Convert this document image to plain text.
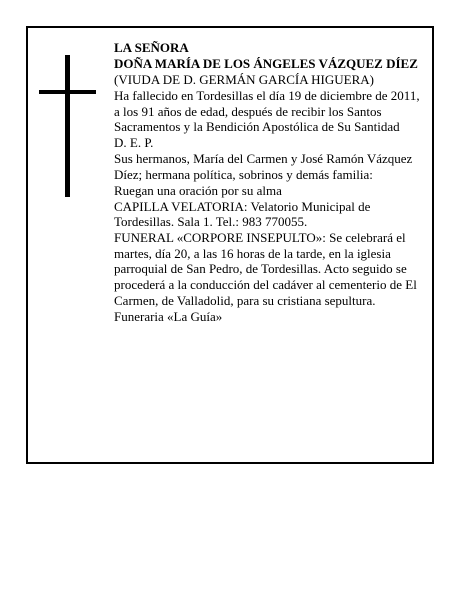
LA SEÑORA

DOÑA MARÍA DE LOS ÁNGELES VÁZQUEZ DÍEZ

(VIUDA DE D. GERMÁN GARCÍA HIGUERA)

Ha fallecido en Tordesillas el día 19 de diciembre de 2011, a los 91 años de edad, después de recibir los Santos Sacramentos y la Bendición Apostólica de Su Santidad

D. E. P.

Sus hermanos, María del Carmen y José Ramón Vázquez Díez; hermana política, sobrinos y demás familia:

Ruegan una oración por su alma

CAPILLA VELATORIA: Velatorio Municipal de Tordesillas. Sala 1. Tel.: 983 770055.

FUNERAL «CORPORE INSEPULTO»: Se celebrará el martes, día 20, a las 16 horas de la tarde, en la iglesia parroquial de San Pedro, de Tordesillas. Acto seguido se procederá a la conducción del cadáver al cementerio de El Carmen, de Valladolid, para su cristiana sepultura.

Funeraria «La Guía»
